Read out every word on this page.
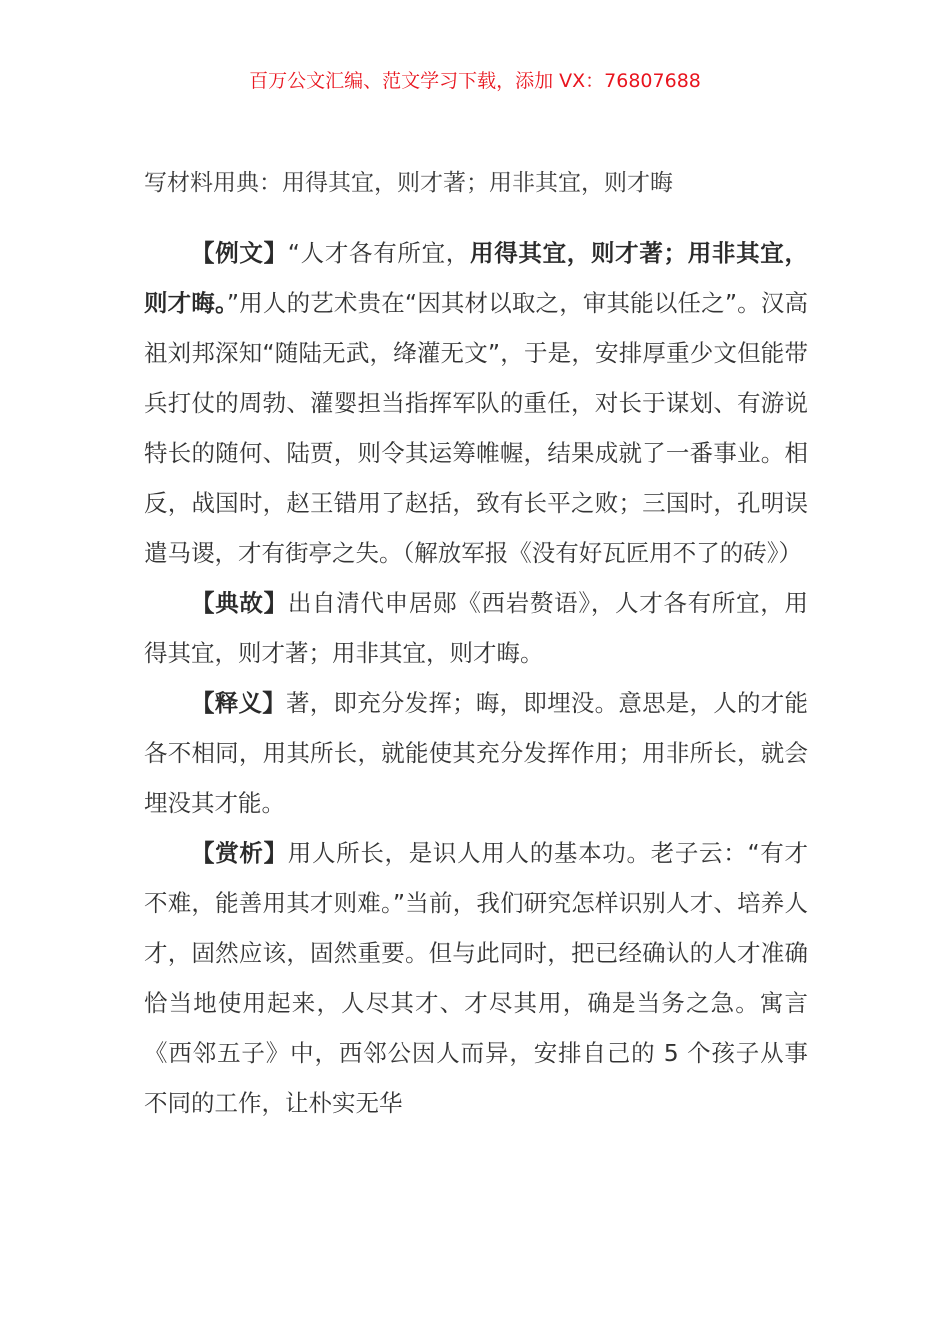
百万公文汇编、范文学习下载，添加 VX：76807688
写材料用典：用得其宜，则才著；用非其宜，则才晦

【例文】“人才各有所宜，用得其宜，则才著；用非其宜，则才晦。”用人的艺术贵在“因其材以取之，审其能以任之”。汉高祖刘邦深知“随陆无武，绛灌无文”，于是，安排厚重少文但能带兵打仗的周勃、灌婴担当指挥军队的重任，对长于谋划、有游说特长的随何、陆贾，则令其运筹帷幄，结果成就了一番事业。相反，战国时，赵王错用了赵括，致有长平之败；三国时，孔明误遣马谡，才有街亭之失。（解放军报《没有好瓦匠用不了的砖》）

【典故】出自清代申居郧《西岩赘语》，人才各有所宜，用得其宜，则才著；用非其宜，则才晦。

【释义】著，即充分发挥；晦，即埋没。意思是，人的才能各不相同，用其所长，就能使其充分发挥作用；用非所长，就会埋没其才能。

【赏析】用人所长，是识人用人的基本功。老子云：“有才不难，能善用其才则难。”当前，我们研究怎样识别人才、培养人才，固然应该，固然重要。但与此同时，把已经确认的人才准确恰当地使用起来，人尽其才、才尽其用，确是当务之急。寓言《西邻五子》中，西邻公因人而异，安排自己的 5 个孩子从事不同的工作，让朴实无华
